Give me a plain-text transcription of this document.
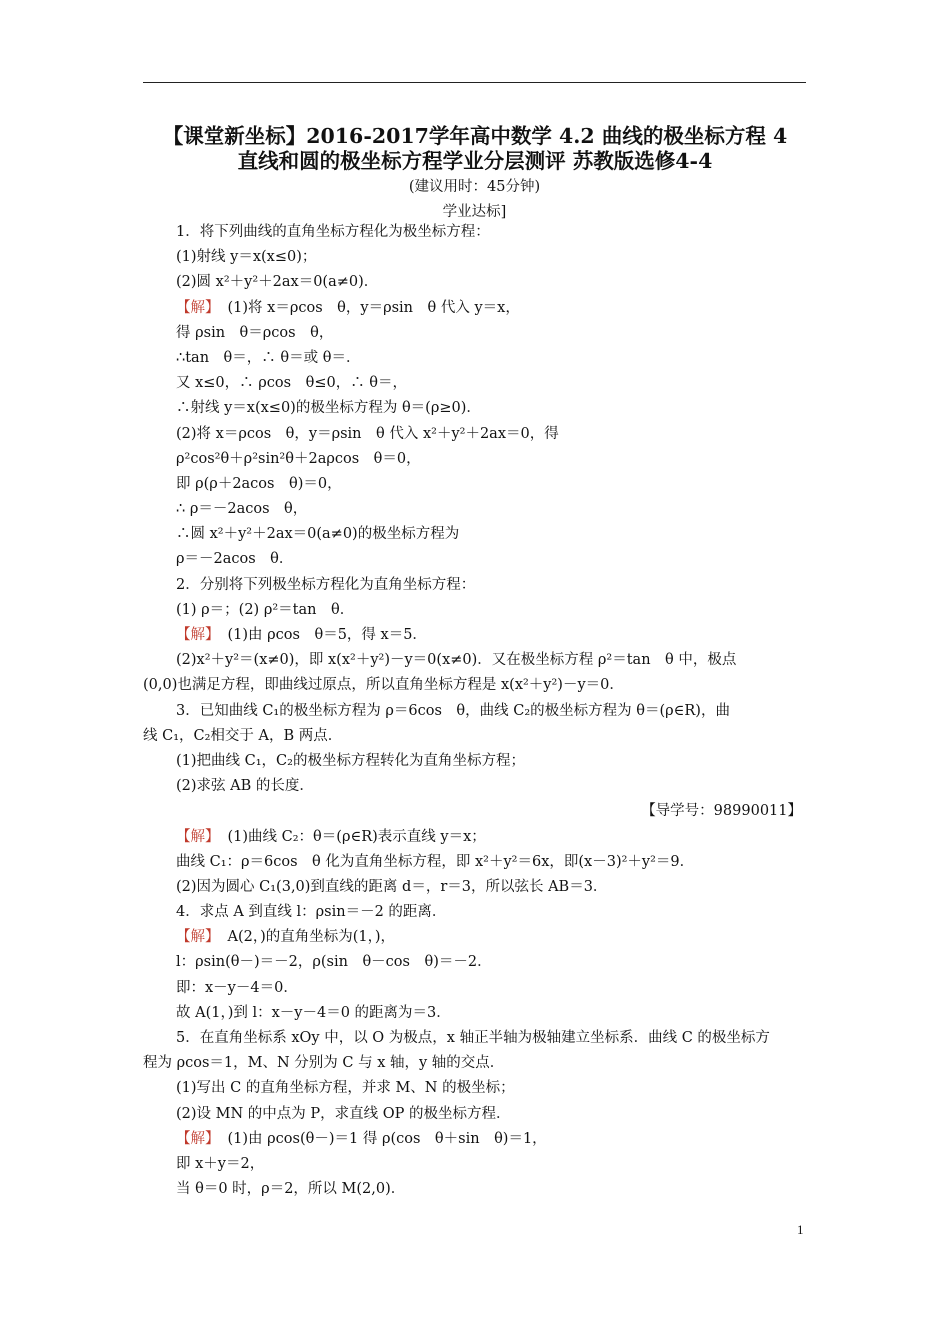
【课堂新坐标】2016-2017学年高中数学 4.2 曲线的极坐标方程 4
直线和圆的极坐标方程学业分层测评 苏教版选修4-4
(建议用时：45分钟)
学业达标]
1．将下列曲线的直角坐标方程化为极坐标方程：
(1)射线 y＝x(x≤0)；
(2)圆 x²＋y²＋2ax＝0(a≠0)．
【解】 (1)将 x＝ρcos　θ，y＝ρsin　θ 代入 y＝x，
得 ρsin　θ＝ρcos　θ，
∴tan　θ＝，∴ θ＝或 θ＝．
又 x≤0，∴ ρcos　θ≤0，∴ θ＝，
∴射线 y＝x(x≤0)的极坐标方程为 θ＝(ρ≥0)．
(2)将 x＝ρcos　θ，y＝ρsin　θ 代入 x²＋y²＋2ax＝0，得
ρ²cos²θ＋ρ²sin²θ＋2aρcos　θ＝0，
即 ρ(ρ＋2acos　θ)＝0，
∴ ρ＝－2acos　θ，
∴圆 x²＋y²＋2ax＝0(a≠0)的极坐标方程为
ρ＝－2acos　θ．
2．分别将下列极坐标方程化为直角坐标方程：
(1) ρ＝；(2) ρ²＝tan　θ．
【解】 (1)由 ρcos　θ＝5，得 x＝5．
(2)x²＋y²＝(x≠0)，即 x(x²＋y²)－y＝0(x≠0)．又在极坐标方程 ρ²＝tan　θ 中，极点
(0,0)也满足方程，即曲线过原点，所以直角坐标方程是 x(x²＋y²)－y＝0．
3．已知曲线 C₁的极坐标方程为 ρ＝6cos　θ，曲线 C₂的极坐标方程为 θ＝(ρ∈R)，曲
线 C₁，C₂相交于 A，B 两点．
(1)把曲线 C₁，C₂的极坐标方程转化为直角坐标方程；
(2)求弦 AB 的长度．
【导学号：98990011】
【解】 (1)曲线 C₂：θ＝(ρ∈R)表示直线 y＝x；
曲线 C₁：ρ＝6cos　θ 化为直角坐标方程，即 x²＋y²＝6x，即(x－3)²＋y²＝9．
(2)因为圆心 C₁(3,0)到直线的距离 d＝，r＝3，所以弦长 AB＝3．
4．求点 A 到直线 l：ρsin＝－2 的距离．
【解】 A(2，)的直角坐标为(1，)，
l：ρsin(θ－)＝－2，ρ(sin　θ－cos　θ)＝－2．
即：x－y－4＝0．
故 A(1，)到 l：x－y－4＝0 的距离为＝3．
5．在直角坐标系 xOy 中，以 O 为极点，x 轴正半轴为极轴建立坐标系．曲线 C 的极坐标方
程为 ρcos＝1，M、N 分别为 C 与 x 轴，y 轴的交点．
(1)写出 C 的直角坐标方程，并求 M、N 的极坐标；
(2)设 MN 的中点为 P，求直线 OP 的极坐标方程．
【解】 (1)由 ρcos(θ－)＝1 得 ρ(cos　θ＋sin　θ)＝1，
即 x＋y＝2，
当 θ＝0 时，ρ＝2，所以 M(2,0)．
1
